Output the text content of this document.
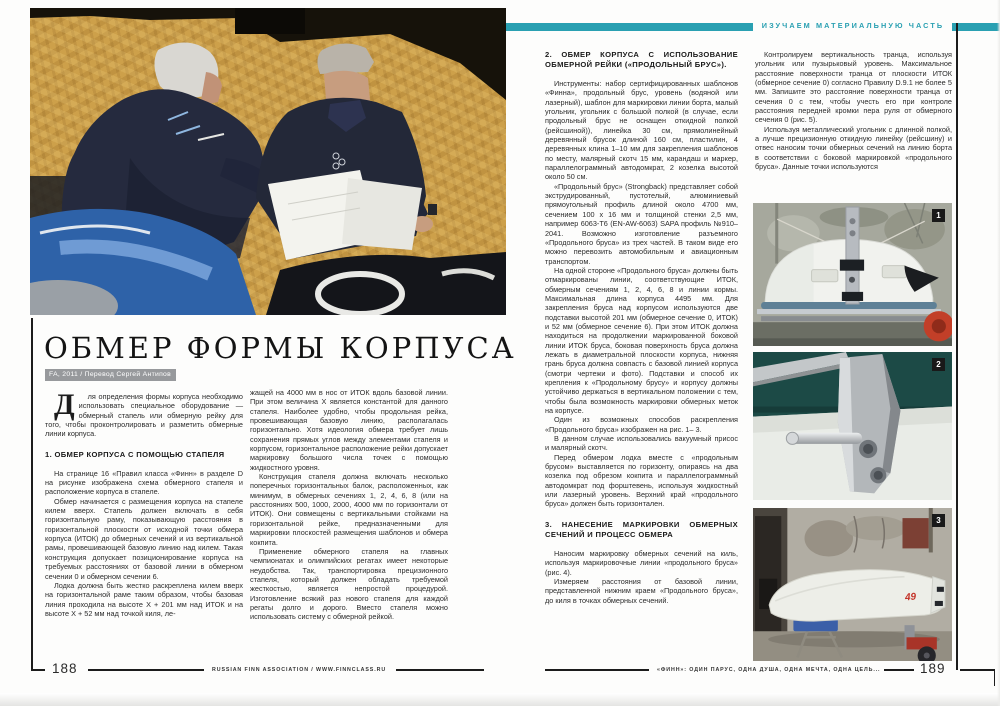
ОБМЕР ФОРМЫ КОРПУСА
FA, 2011 / Перевод Сергей Антипов

Для определения формы корпуса необходимо использовать специальное оборудование — обмерный стапель или обмерную рейку для того, чтобы проконтролировать и разметить обмерные линии корпуса.

1. ОБМЕР КОРПУСА С ПОМОЩЬЮ СТАПЕЛЯ

На странице 16 «Правил класса «Финн» в разделе D на рисунке изображена схема обмерного стапеля и расположение корпуса в стапеле.

Обмер начинается с размещения корпуса на стапеле килем вверх. Стапель должен включать в себя горизонтальную раму, показывающую расстояния в горизонтальной плоскости от исходной точки обмера корпуса (ИТОК) до обмерных сечений и из вертикальной рамы, провешивающей базовую линию над килем. Такая конструкция допускает позиционирование корпуса на требуемых расстояниях от базовой линии в обмерном сечении 0 и обмерном сечении 6.

Лодка должна быть жестко раскреплена килем вверх на горизонтальной раме таким образом, чтобы базовая линия проходила на высоте X + 201 мм над ИТОК и на высоте X + 52 мм над точкой киля, ле-

жащей на 4000 мм в нос от ИТОК вдоль базовой линии. При этом величина X является константой для данного стапеля. Наиболее удобно, чтобы продольная рейка, провешивающая базовую линию, располагалась горизонтально. Хотя идеология обмера требует лишь сохранения прямых углов между элементами стапеля и корпусом, горизонтальное расположение рейки допускает маркировку большого числа точек с помощью жидкостного уровня.

Конструкция стапеля должна включать несколько поперечных горизонтальных балок, расположенных, как минимум, в обмерных сечениях 1, 2, 4, 6, 8 (или на расстояниях 500, 1000, 2000, 4000 мм по горизонтали от ИТОК). Они совмещены с вертикальными стойками на горизонтальной рейке, предназначенными для маркировки плоскостей размещения шаблонов и обмера кокпита.

Применение обмерного стапеля на главных чемпионатах и олимпийских регатах имеет некоторые неудобства. Так, транспортировка прецизионного стапеля, который должен обладать требуемой жесткостью, является непростой процедурой. Изготовление всякий раз нового стапеля для каждой регаты долго и дорого. Вместо стапеля можно использовать систему с обмерной рейкой.

188	RUSSIAN FINN ASSOCIATION / WWW.FINNCLASS.RU
ИЗУЧАЕМ МАТЕРИАЛЬНУЮ ЧАСТЬ
2. ОБМЕР КОРПУСА С ИСПОЛЬЗОВАНИЕ ОБМЕРНОЙ РЕЙКИ («ПРОДОЛЬНЫЙ БРУС»).

Инструменты: набор сертифицированных шаблонов «Финна», продольный брус, уровень (водяной или лазерный), шаблон для маркировки линии борта, малый угольник, угольник с большой полкой (в случае, если продольный брус не оснащен откидной полкой (рейсшиной)), линейка 30 см, прямолинейный деревянный брусок длиной 160 см, пластилин, 4 деревянных клина 1–10 мм для закрепления шаблонов по месту, малярный скотч 15 мм, карандаш и маркер, параллелограммный автодомкрат, 2 козелка высотой около 50 см.

«Продольный брус» (Strongback) представляет собой экструдированный, пустотелый, алюминиевый прямоугольный профиль длиной около 4700 мм, сечением 100 х 16 мм и толщиной стенки 2,5 мм, например 6063-Т6 (EN-AW-6063) SAPA профиль №910– 2041. Возможно изготовление разъемного «Продольного бруса» из трех частей. В таком виде его можно перевозить автомобильным и авиационным транспортом.

На одной стороне «Продольного бруса» должны быть отмаркированы линии, соответствующие ИТОК, обмерным сечениям 1, 2, 4, 6, 8 и линии кормы. Максимальная длина корпуса 4495 мм. Для закрепления бруса над корпусом используются две подставки высотой 201 мм (обмерное сечение 0, ИТОК) и 52 мм (обмерное сечение 6). При этом ИТОК должна находиться на продолжении маркированной боковой линии ИТОК бруса, боковая поверхность бруса должна лежать в диаметральной плоскости корпуса, нижняя грань бруса должна совпасть с базовой линией корпуса (смотри чертежи и фото). Подставки и способ их крепления к «Продольному брусу» и корпусу должны устойчиво держаться в вертикальном положении с тем, чтобы была возможность маркировки обмерных меток на корпусе.

Один из возможных способов раскрепления «Продольного бруса» изображен на рис. 1– 3.

В данном случае использовались вакуумный присос и малярный скотч.

Перед обмером лодка вместе с «продольным брусом» выставляется по горизонту, опираясь на два козелка под обрезом кокпита и параллелограммный автодомкрат под форштевень, используя жидкостный или лазерный уровень. Верхний край «продольного бруса» должен быть горизонтален.

3. НАНЕСЕНИЕ МАРКИРОВКИ ОБМЕРНЫХ СЕЧЕНИЙ И ПРОЦЕСС ОБМЕРА

Наносим маркировку обмерных сечений на киль, используя маркировочные линии «продольного бруса» (рис. 4).

Измеряем расстояния от базовой линии, представленной нижним краем «Продольного бруса», до киля в точках обмерных сечений.

Контролируем вертикальность транца, используя угольник или пузырьковый уровень. Максимальное расстояние поверхности транца от плоскости ИТОК (обмерное сечение 0) согласно Правилу D.9.1 не более 5 мм. Запишите это расстояние поверхности транца от сечения 0 с тем, чтобы учесть его при контроле расстояния передней кромки пера руля от обмерного сечения 0 (рис. 5).

Используя металлический угольник с длинной полкой, а лучше прецизионную откидную линейку (рейсшину) и отвес наносим точки обмерных сечений на линию борта в соответствии с боковой маркировкой «продольного бруса». Данные точки используются

1
2
49
3
«ФИНН»: ОДИН ПАРУС, ОДНА ДУША, ОДНА МЕЧТА, ОДНА ЦЕЛЬ...	189
